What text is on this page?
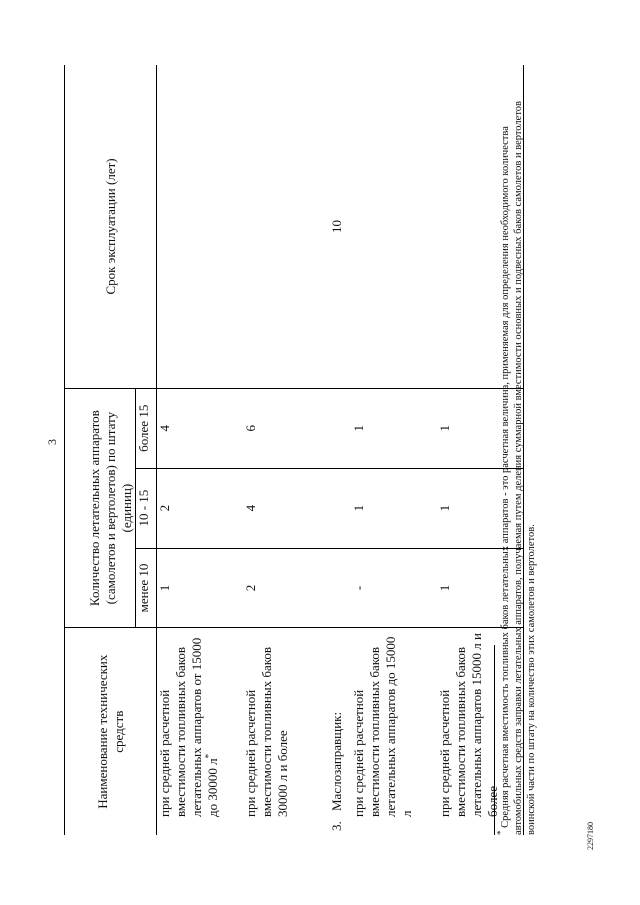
3
2297180
Наименование технических средств	Количество летательных аппаратов (самолетов и вертолетов) по штату (единиц)			Срок эксплуатации (лет)
	менее 10	10 - 15	более 15	
при средней расчетной вместимости топливных баков летательных аппаратов от 15000 до 30000 л*	1	2	4	
при средней расчетной вместимости топливных баков 30000 л и более	2	4	6	
3.Маслозаправщик:				10
при средней расчетной вместимости топливных баков летательных аппаратов до 15000 л	-	1	1	
при средней расчетной вместимости топливных баков летательных аппаратов 15000 л и более	1	1	1	
* Средняя расчетная вместимость топливных баков летательных аппаратов - это расчетная величина, применяемая для определения необходимого количества автомобильных средств заправки летательных аппаратов, получаемая путем деления суммарной вместимости основных и подвесных баков самолетов и вертолетов воинской части по штату на количество этих самолетов и вертолетов.
